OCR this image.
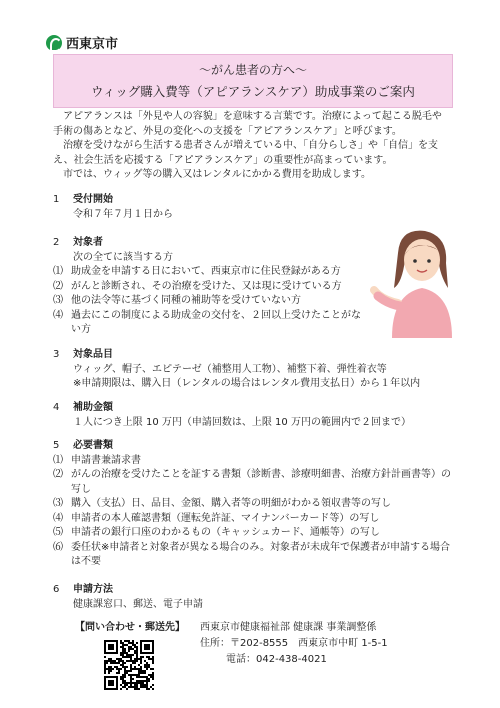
西東京市
〜がん患者の方へ〜
ウィッグ購入費等（アピアランスケア）助成事業のご案内

アピアランスは「外見や人の容貌」を意味する言葉です。治療によって起こる脱毛や手術の傷あとなど、外見の変化への支援を「アピアランスケア」と呼びます。

治療を受けながら生活する患者さんが増えている中、「自分らしさ」や「自信」を支え、社会生活を応援する「アピアランスケア」の重要性が高まっています。

市では、ウィッグ等の購入又はレンタルにかかる費用を助成します。

1	受付開始
令和７年７月１日から
2	対象者
次の全てに該当する方
⑴ 助成金を申請する日において、西東京市に住民登録がある方
⑵ がんと診断され、その治療を受けた、又は現に受けている方
⑶ 他の法令等に基づく同種の補助等を受けていない方
⑷ 過去にこの制度による助成金の交付を、２回以上受けたことがない方
3	対象品目
ウィッグ、帽子、エピテーゼ（補整用人工物）、補整下着、弾性着衣等
※申請期限は、購入日（レンタルの場合はレンタル費用支払日）から１年以内
4	補助金額
１人につき上限 10 万円（申請回数は、上限 10 万円の範囲内で２回まで）
5	必要書類
⑴ 申請書兼請求書
⑵ がんの治療を受けたことを証する書類（診断書、診療明細書、治療方針計画書等）の写し
⑶ 購入（支払）日、品目、金額、購入者等の明細がわかる領収書等の写し
⑷ 申請者の本人確認書類（運転免許証、マイナンバーカード等）の写し
⑸ 申請者の銀行口座のわかるもの（キャッシュカード、通帳等）の写し
⑹ 委任状※申請者と対象者が異なる場合のみ。対象者が未成年で保護者が申請する場合は不要
6	申請方法
健康課窓口、郵送、電子申請
【問い合わせ・郵送先】 西東京市健康福祉部 健康課 事業調整係
住所：〒202-8555　西東京市中町 1-5-1
電話：042-438-4021
